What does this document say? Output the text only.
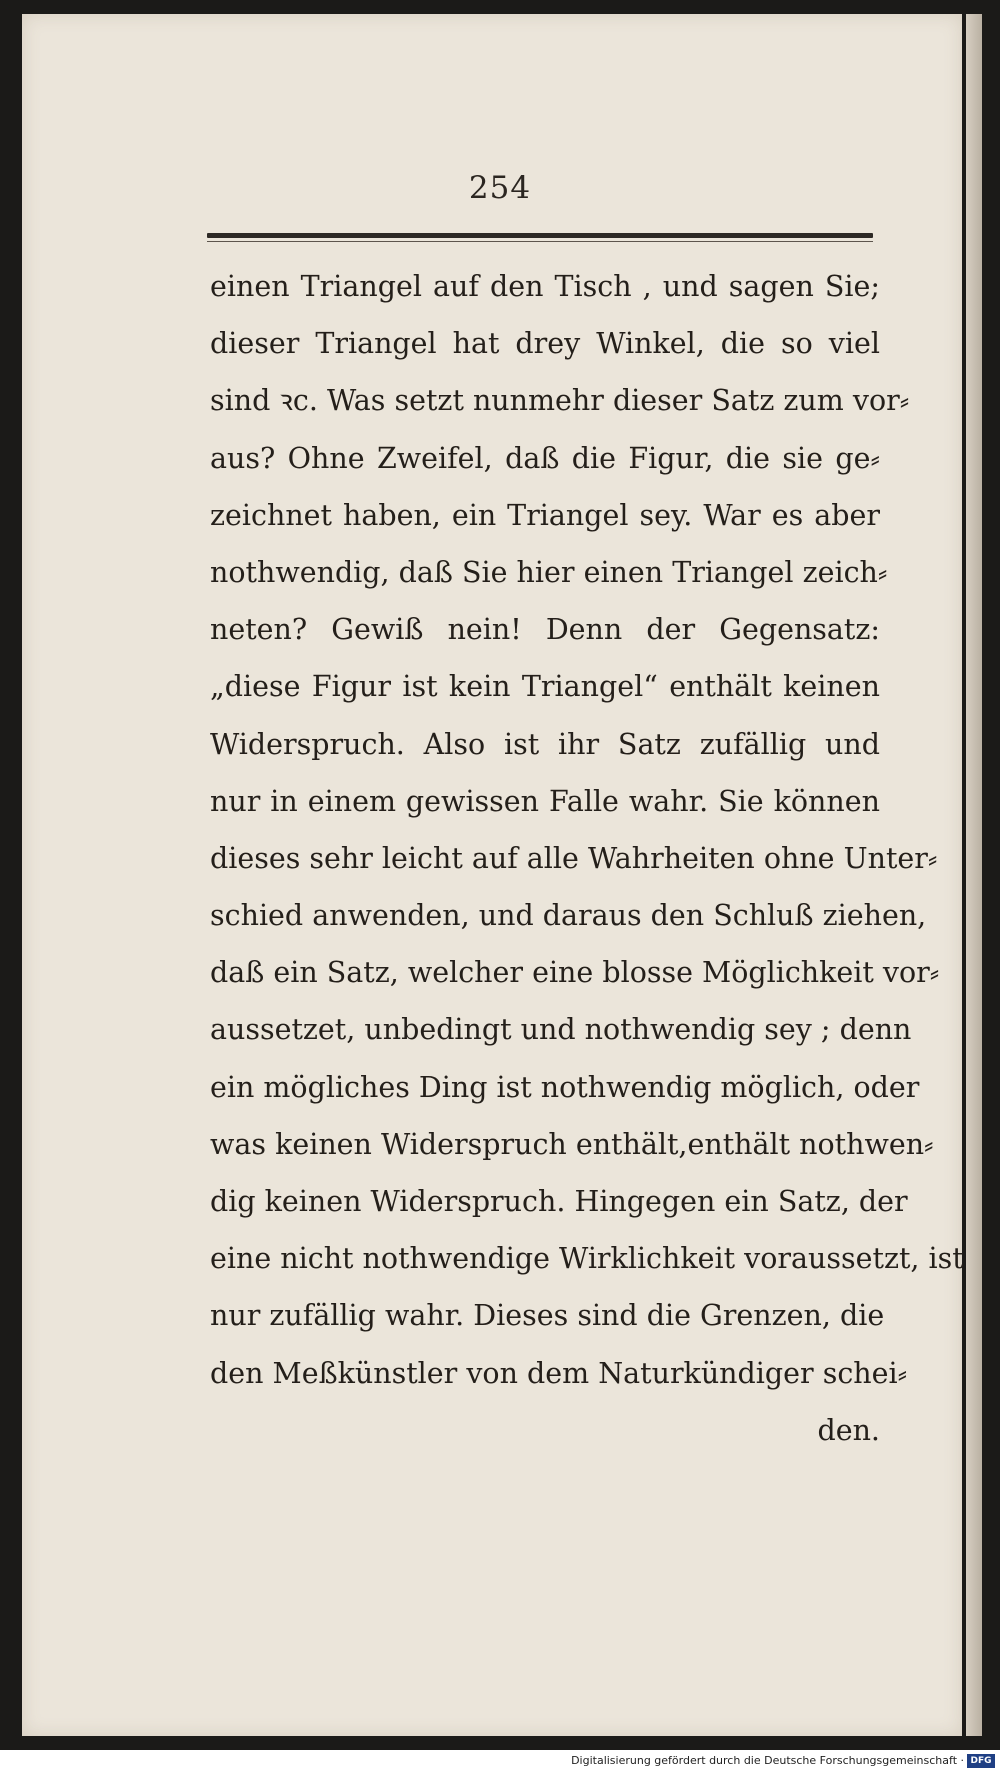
254
einen Triangel auf den Tisch , und sagen Sie;
dieser Triangel hat drey Winkel, die so viel
sind ꝛc. Was setzt nunmehr dieser Satz zum vor⸗
aus? Ohne Zweifel, daß die Figur, die sie ge⸗
zeichnet haben, ein Triangel sey. War es aber
nothwendig, daß Sie hier einen Triangel zeich⸗
neten? Gewiß nein! Denn der Gegensatz:
„diese Figur ist kein Triangel“ enthält keinen
Widerspruch. Also ist ihr Satz zufällig und
nur in einem gewissen Falle wahr. Sie können
dieses sehr leicht auf alle Wahrheiten ohne Unter⸗
schied anwenden, und daraus den Schluß ziehen,
daß ein Satz, welcher eine blosse Möglichkeit vor⸗
aussetzet, unbedingt und nothwendig sey ; denn
ein mögliches Ding ist nothwendig möglich, oder
was keinen Widerspruch enthält,enthält nothwen⸗
dig keinen Widerspruch. Hingegen ein Satz, der
eine nicht nothwendige Wirklichkeit voraussetzt, ist
nur zufällig wahr. Dieses sind die Grenzen, die
den Meßkünstler von dem Naturkündiger schei⸗
den.
Digitalisierung gefördert durch die Deutsche Forschungsgemeinschaft · DFG
